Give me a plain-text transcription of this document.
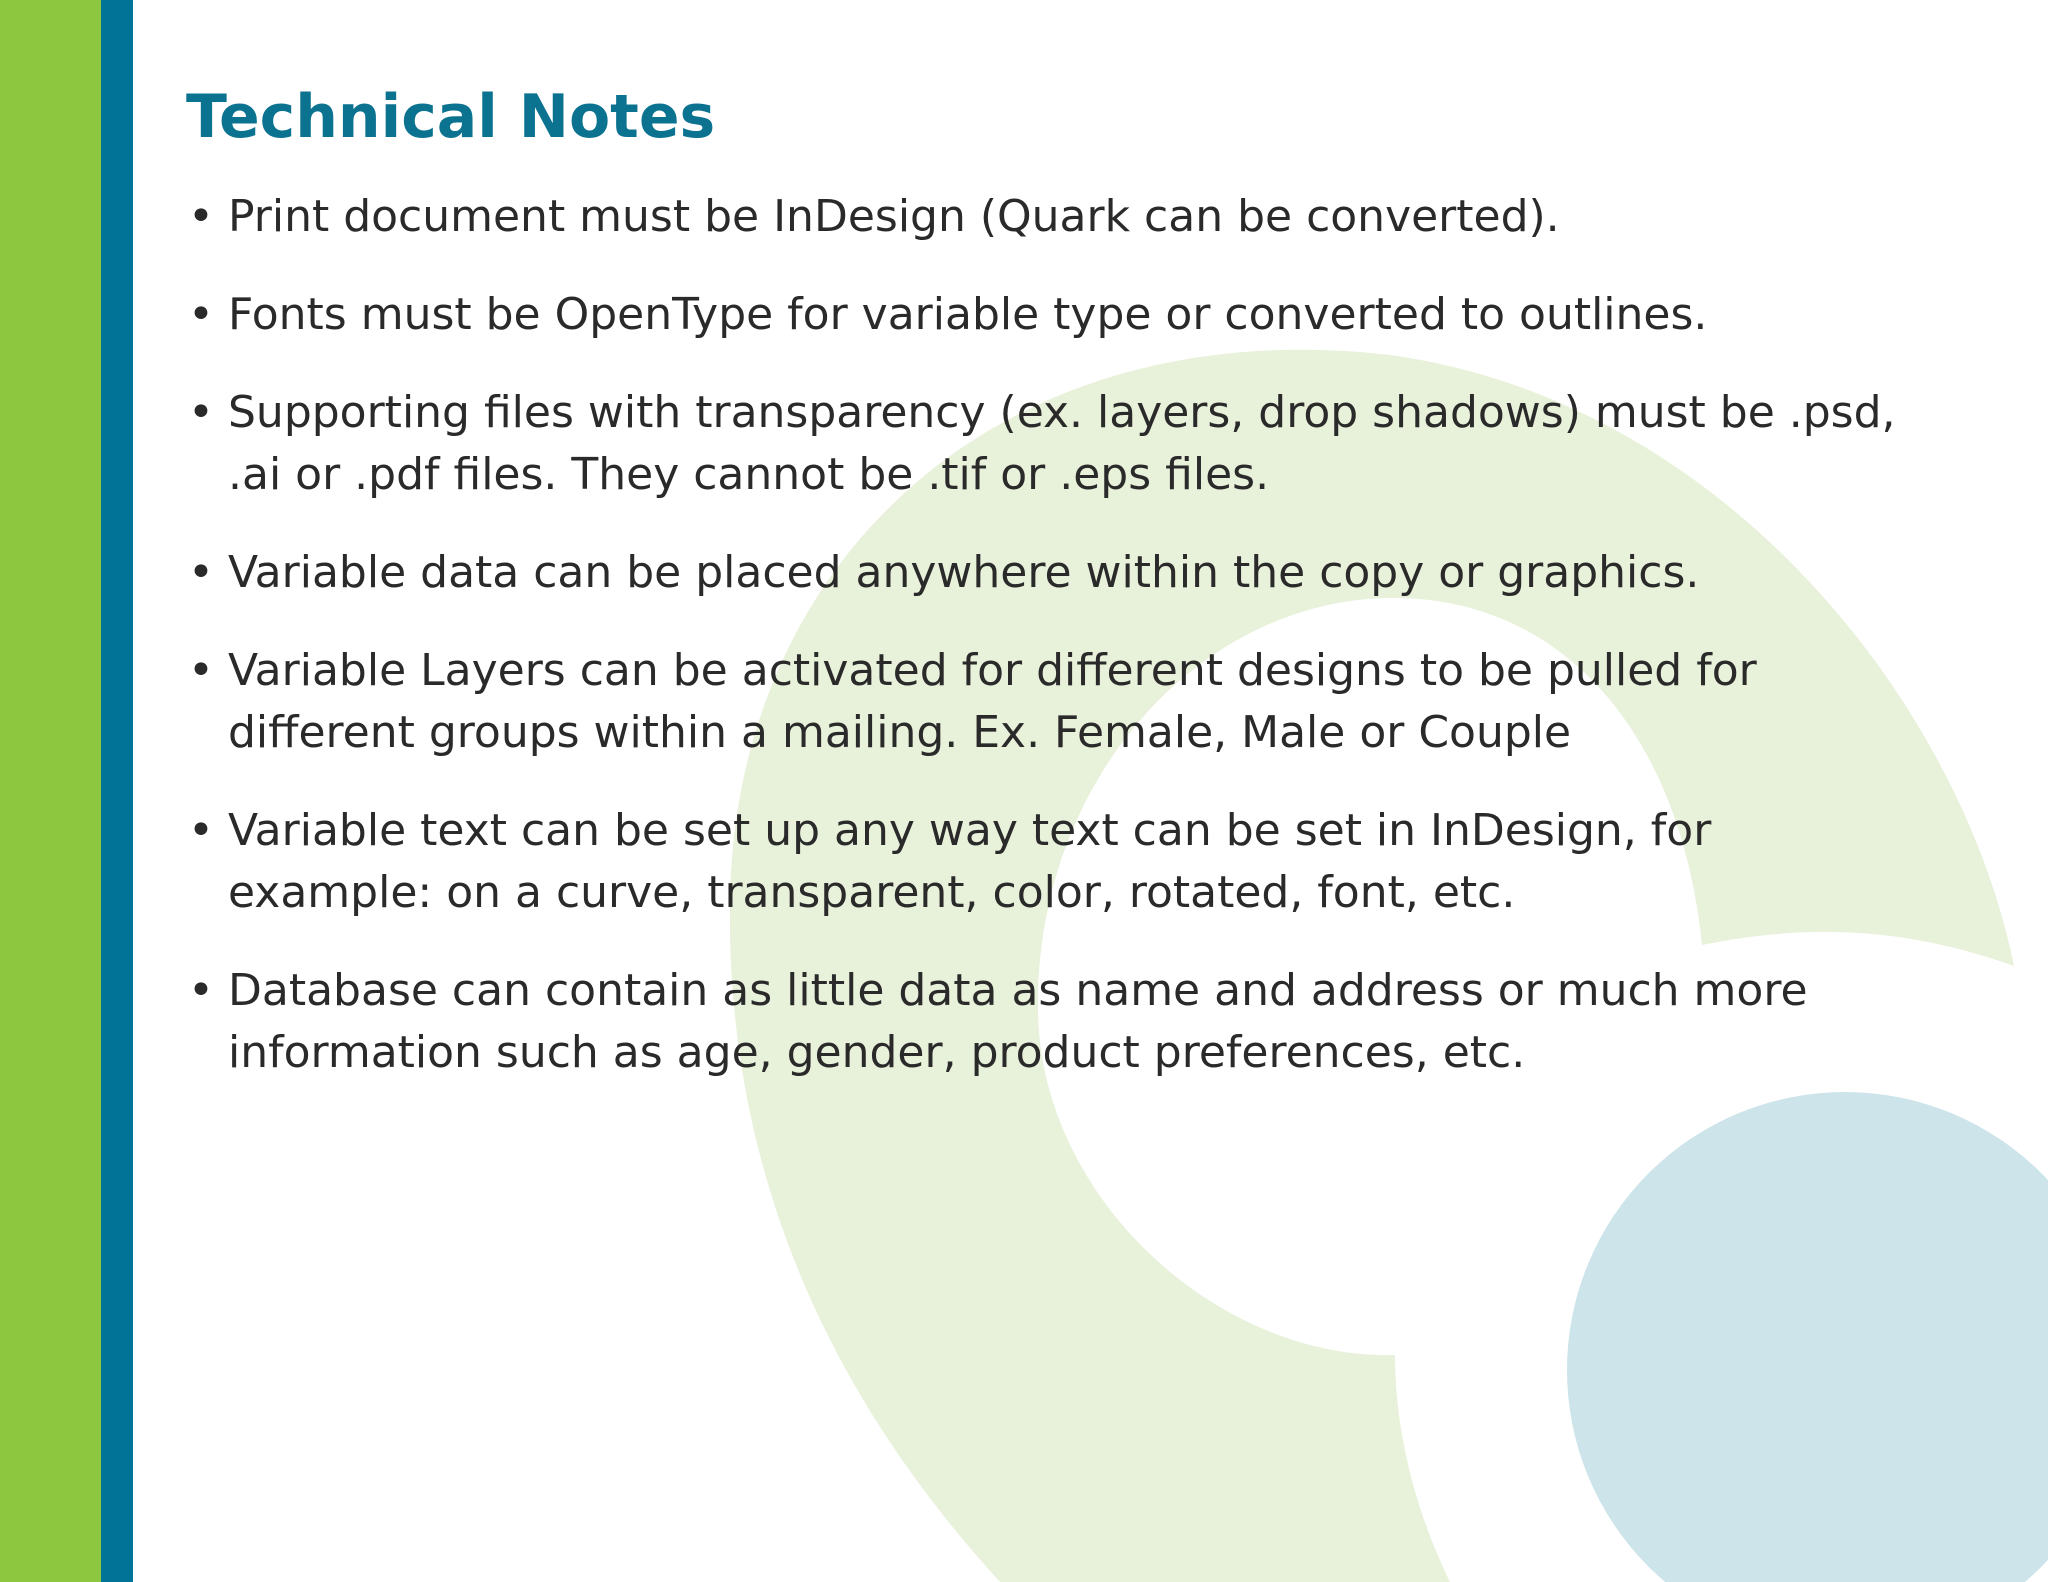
Technical Notes
• Print document must be InDesign (Quark can be converted).
• Fonts must be OpenType for variable type or converted to outlines.
• Supporting files with transparency (ex. layers, drop shadows) must be .psd,
.ai or .pdf files. They cannot be .tif or .eps files.
• Variable data can be placed anywhere within the copy or graphics.
• Variable Layers can be activated for different designs to be pulled for
different groups within a mailing. Ex. Female, Male or Couple
• Variable text can be set up any way text can be set in InDesign, for
example: on a curve, transparent, color, rotated, font, etc.
• Database can contain as little data as name and address or much more
information such as age, gender, product preferences, etc.
